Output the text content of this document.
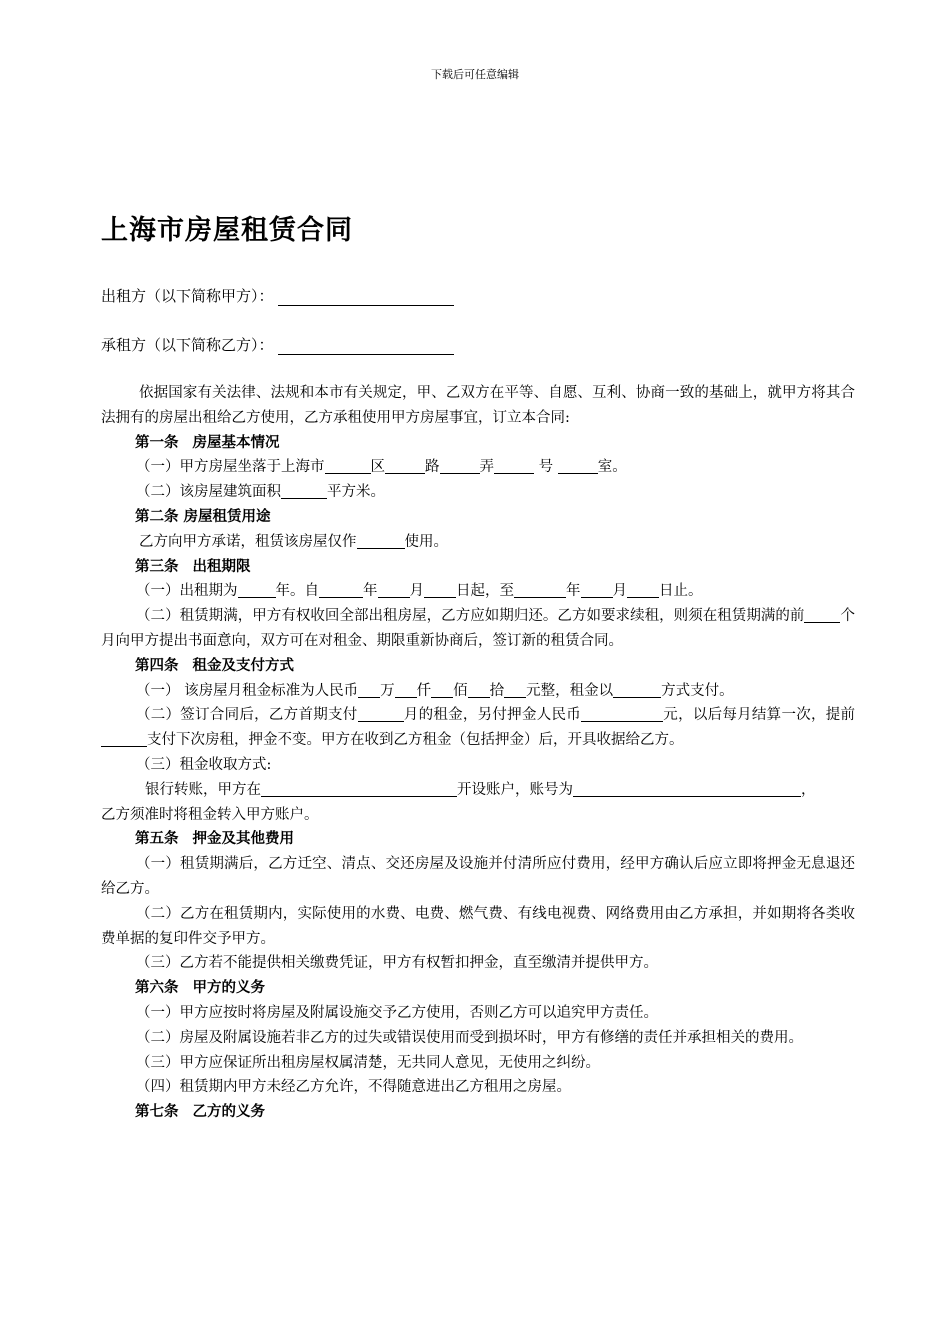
下载后可任意编辑
上海市房屋租赁合同
出租方（以下简称甲方）：
承租方（以下简称乙方）：

依据国家有关法律、法规和本市有关规定，甲、乙双方在平等、自愿、互利、协商一致的基础上，就甲方将其合法拥有的房屋出租给乙方使用，乙方承租使用甲方房屋事宜，订立本合同:

第一条 房屋基本情况

（一）甲方房屋坐落于上海市	区	路	弄	号	室。

（二）该房屋建筑面积	平方米。

第二条 房屋租赁用途

乙方向甲方承诺，租赁该房屋仅作	使用。

第三条 出租期限

（一）出租期为	年。自	年 月 日起，至	年 月 日止。

（二）租赁期满，甲方有权收回全部出租房屋，乙方应如期归还。乙方如要求续租，则须在租赁期满的前 个月向甲方提出书面意向，双方可在对租金、期限重新协商后，签订新的租赁合同。

第四条 租金及支付方式

（一） 该房屋月租金标准为人民币 万 仟 佰 拾 元整，租金以	方式支付。

（二）签订合同后，乙方首期支付	月的租金，另付押金人民币	元，以后每月结算一次，提前支付下次房租，押金不变。甲方在收到乙方租金（包括押金）后，开具收据给乙方。

（三）租金收取方式:

银行转账，甲方在	开设账户，账号为	，

乙方须准时将租金转入甲方账户。

第五条 押金及其他费用

（一）租赁期满后，乙方迁空、清点、交还房屋及设施并付清所应付费用，经甲方确认后应立即将押金无息退还给乙方。

（二）乙方在租赁期内，实际使用的水费、电费、燃气费、有线电视费、网络费用由乙方承担，并如期将各类收费单据的复印件交予甲方。

（三）乙方若不能提供相关缴费凭证，甲方有权暂扣押金，直至缴清并提供甲方。

第六条 甲方的义务

（一）甲方应按时将房屋及附属设施交予乙方使用，否则乙方可以追究甲方责任。

（二）房屋及附属设施若非乙方的过失或错误使用而受到损坏时，甲方有修缮的责任并承担相关的费用。

（三）甲方应保证所出租房屋权属清楚，无共同人意见，无使用之纠纷。

（四）租赁期内甲方未经乙方允许，不得随意进出乙方租用之房屋。

第七条 乙方的义务
